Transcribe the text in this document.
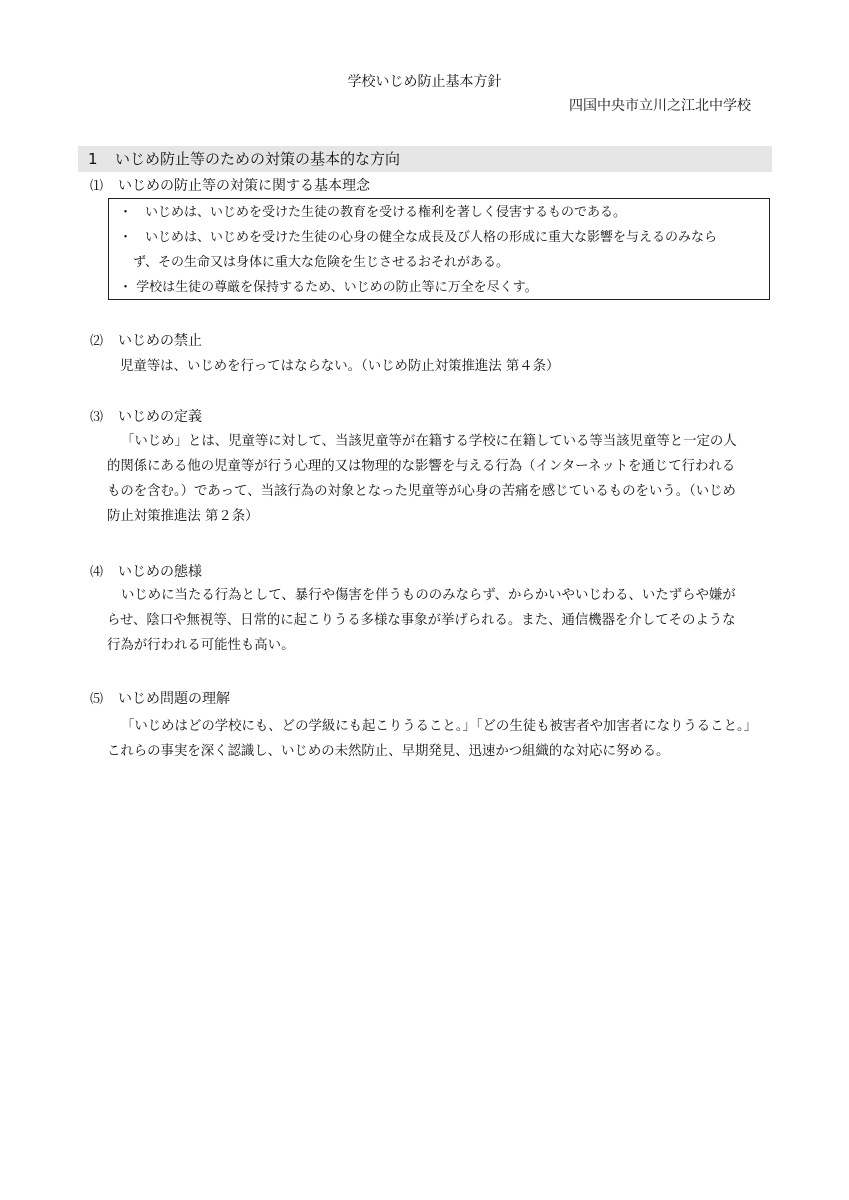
学校いじめ防止基本方針
四国中央市立川之江北中学校
1 いじめ防止等のための対策の基本的な方向
⑴ いじめの防止等の対策に関する基本理念
・　いじめは、いじめを受けた生徒の教育を受ける権利を著しく侵害するものである。
・　いじめは、いじめを受けた生徒の心身の健全な成長及び人格の形成に重大な影響を与えるのみなら
ず、その生命又は身体に重大な危険を生じさせるおそれがある。
・ 学校は生徒の尊厳を保持するため、いじめの防止等に万全を尽くす。
⑵ いじめの禁止
児童等は、いじめを行ってはならない。（いじめ防止対策推進法 第４条）
⑶ いじめの定義
「いじめ」とは、児童等に対して、当該児童等が在籍する学校に在籍している等当該児童等と一定の人
的関係にある他の児童等が行う心理的又は物理的な影響を与える行為（インターネットを通じて行われる
ものを含む。）であって、当該行為の対象となった児童等が心身の苦痛を感じているものをいう。（いじめ
防止対策推進法 第２条）
⑷ いじめの態様
いじめに当たる行為として、暴行や傷害を伴うもののみならず、からかいやいじわる、いたずらや嫌が
らせ、陰口や無視等、日常的に起こりうる多様な事象が挙げられる。また、通信機器を介してそのような
行為が行われる可能性も高い。
⑸ いじめ問題の理解
「いじめはどの学校にも、どの学級にも起こりうること。」「どの生徒も被害者や加害者になりうること。」
これらの事実を深く認識し、いじめの未然防止、早期発見、迅速かつ組織的な対応に努める。
